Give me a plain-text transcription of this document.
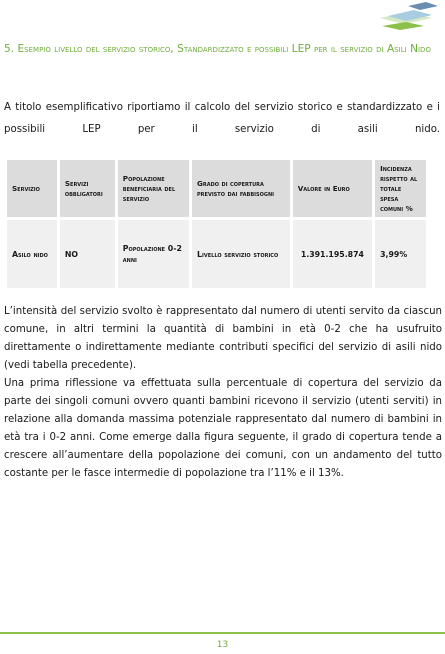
5. Esempio livello del servizio storico, Standardizzato e possibili LEP per il servizio di Asili Nido
A titolo esemplificativo riportiamo il calcolo del servizio storico e standardizzato e i possibili LEP per il servizio di asili nido.
Servizio	Servizi obbligatori	Popolazione beneficiaria del servizio	Grado di copertura previsto dai fabbisogni	Valore in Euro	Incidenza rispetto al totale spesa comuni %
Asilo nido	NO	Popolazione 0-2 anni	Livello servizio storico	1.391.195.874	3,99%

L’intensità del servizio svolto è rappresentato dal numero di utenti servito da ciascun comune, in altri termini la quantità di bambini in età 0-2 che ha usufruito direttamente o indirettamente mediante contributi specifici del servizio di asili nido (vedi tabella precedente).

Una prima riflessione va effettuata sulla percentuale di copertura del servizio da parte dei singoli comuni ovvero quanti bambini ricevono il servizio (utenti serviti) in relazione alla domanda massima potenziale rappresentato dal numero di bambini in età tra i 0-2 anni. Come emerge dalla figura seguente, il grado di copertura tende a crescere all’aumentare della popolazione dei comuni, con un andamento del tutto costante per le fasce intermedie di popolazione tra l’11% e il 13%.

13
